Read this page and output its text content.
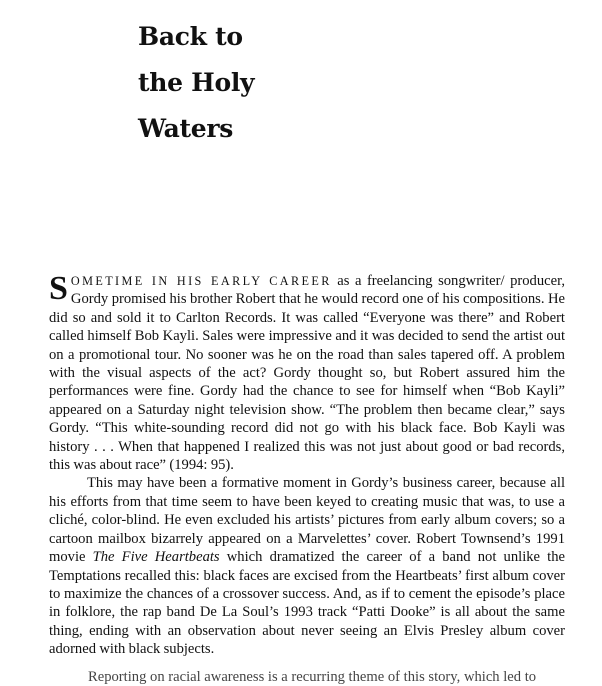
Back to
the Holy
Waters

SOMETIME IN HIS EARLY CAREER as a freelancing songwriter/ producer, Gordy promised his brother Robert that he would record one of his compositions. He did so and sold it to Carlton Records. It was called “Everyone was there” and Robert called himself Bob Kayli. Sales were impressive and it was decided to send the artist out on a promotional tour. No sooner was he on the road than sales tapered off. A problem with the visual aspects of the act? Gordy thought so, but Robert assured him the performances were fine. Gordy had the chance to see for himself when “Bob Kayli” appeared on a Saturday night television show. “The problem then became clear,” says Gordy. “This white-sounding record did not go with his black face. Bob Kayli was history . . . When that happened I realized this was not just about good or bad records, this was about race” (1994: 95).

This may have been a formative moment in Gordy’s business career, because all his efforts from that time seem to have been keyed to creating music that was, to use a cliché, color-blind. He even excluded his artists’ pictures from early album covers; so a cartoon mailbox bizarrely appeared on a Marvelettes’ cover. Robert Townsend’s 1991 movie The Five Heartbeats which dramatized the career of a band not unlike the Temptations recalled this: black faces are excised from the Heartbeats’ first album cover to maximize the chances of a crossover success. And, as if to cement the episode’s place in folklore, the rap band De La Soul’s 1993 track “Patti Dooke” is all about the same thing, ending with an observation about never seeing an Elvis Presley album cover adorned with black subjects.

Reporting on racial awareness is a recurring theme of this story, which led to
